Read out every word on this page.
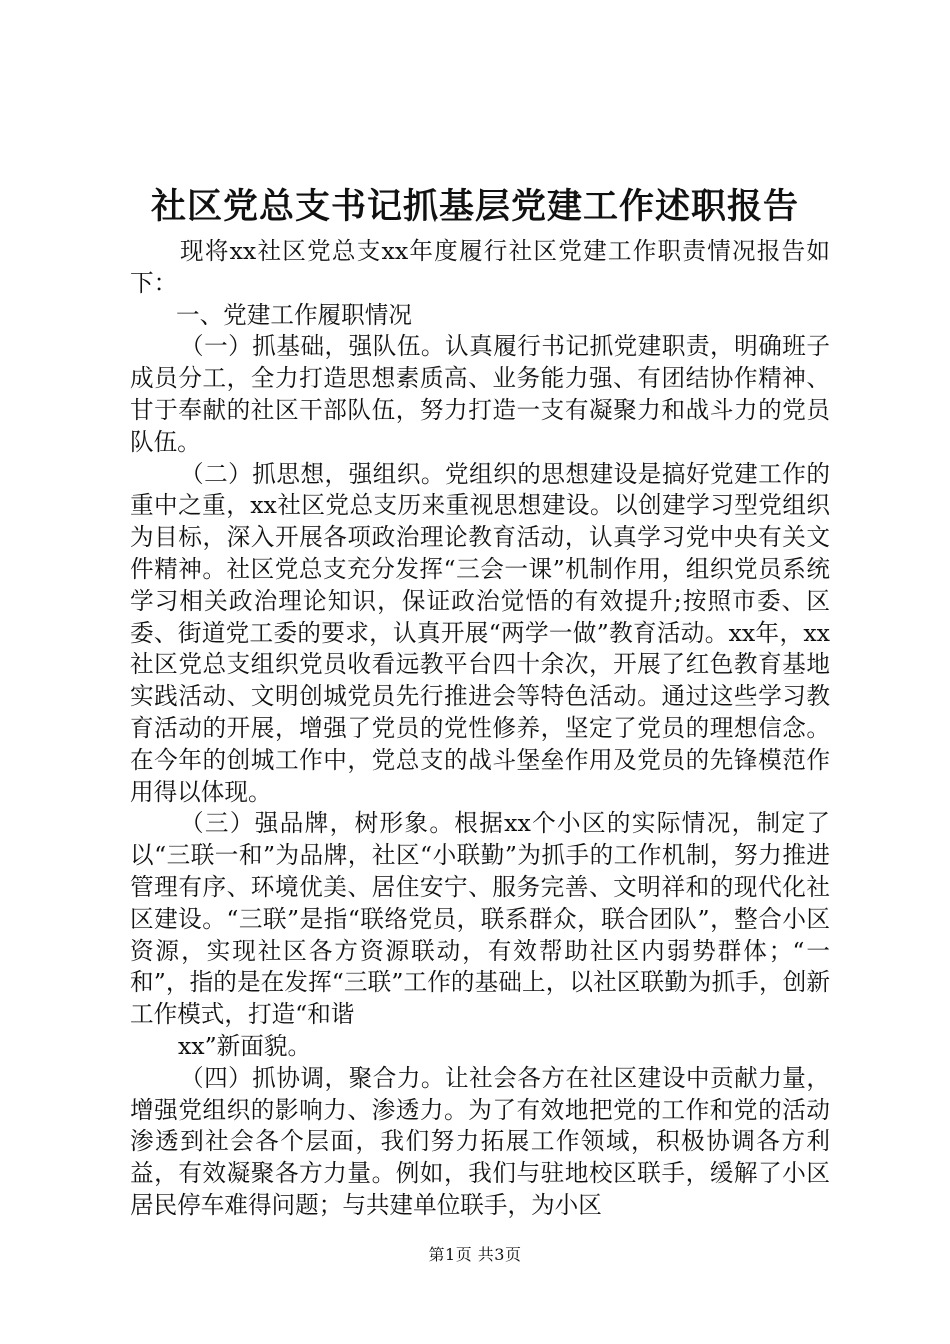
社区党总支书记抓基层党建工作述职报告

现将xx社区党总支xx年度履行社区党建工作职责情况报告如下：

一、党建工作履职情况

（一）抓基础，强队伍。认真履行书记抓党建职责，明确班子成员分工，全力打造思想素质高、业务能力强、有团结协作精神、甘于奉献的社区干部队伍，努力打造一支有凝聚力和战斗力的党员队伍。

（二）抓思想，强组织。党组织的思想建设是搞好党建工作的重中之重，xx社区党总支历来重视思想建设。以创建学习型党组织为目标，深入开展各项政治理论教育活动，认真学习党中央有关文件精神。社区党总支充分发挥“三会一课”机制作用，组织党员系统学习相关政治理论知识，保证政治觉悟的有效提升;按照市委、区委、街道党工委的要求，认真开展“两学一做”教育活动。xx年，xx社区党总支组织党员收看远教平台四十余次，开展了红色教育基地实践活动、文明创城党员先行推进会等特色活动。通过这些学习教育活动的开展，增强了党员的党性修养，坚定了党员的理想信念。在今年的创城工作中，党总支的战斗堡垒作用及党员的先锋模范作用得以体现。

（三）强品牌，树形象。根据xx个小区的实际情况，制定了以“三联一和”为品牌，社区“小联勤”为抓手的工作机制，努力推进管理有序、环境优美、居住安宁、服务完善、文明祥和的现代化社区建设。“三联”是指“联络党员，联系群众，联合团队”，整合小区资源，实现社区各方资源联动，有效帮助社区内弱势群体；“一和”，指的是在发挥“三联”工作的基础上，以社区联勤为抓手，创新工作模式，打造“和谐

xx”新面貌。

（四）抓协调，聚合力。让社会各方在社区建设中贡献力量，增强党组织的影响力、渗透力。为了有效地把党的工作和党的活动渗透到社会各个层面，我们努力拓展工作领域，积极协调各方利益，有效凝聚各方力量。例如，我们与驻地校区联手，缓解了小区居民停车难得问题；与共建单位联手，为小区

第1页 共3页
